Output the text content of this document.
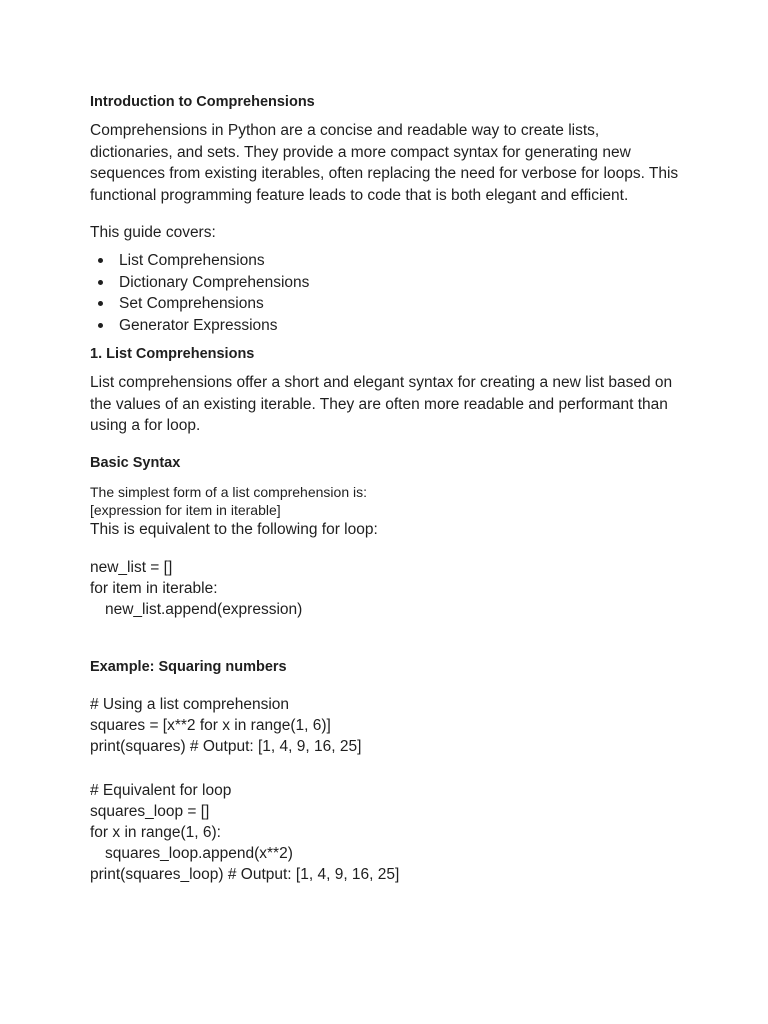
Introduction to Comprehensions
Comprehensions in Python are a concise and readable way to create lists,
dictionaries, and sets. They provide a more compact syntax for generating new
sequences from existing iterables, often replacing the need for verbose for loops. This
functional programming feature leads to code that is both elegant and efficient.
This guide covers:
List Comprehensions
Dictionary Comprehensions
Set Comprehensions
Generator Expressions
1. List Comprehensions
List comprehensions offer a short and elegant syntax for creating a new list based on
the values of an existing iterable. They are often more readable and performant than
using a for loop.
Basic Syntax
The simplest form of a list comprehension is:
[expression for item in iterable]
This is equivalent to the following for loop:
new_list = []
for item in iterable:
new_list.append(expression)
Example: Squaring numbers
# Using a list comprehension
squares = [x**2 for x in range(1, 6)]
print(squares) # Output: [1, 4, 9, 16, 25]
# Equivalent for loop
squares_loop = []
for x in range(1, 6):
squares_loop.append(x**2)
print(squares_loop) # Output: [1, 4, 9, 16, 25]
